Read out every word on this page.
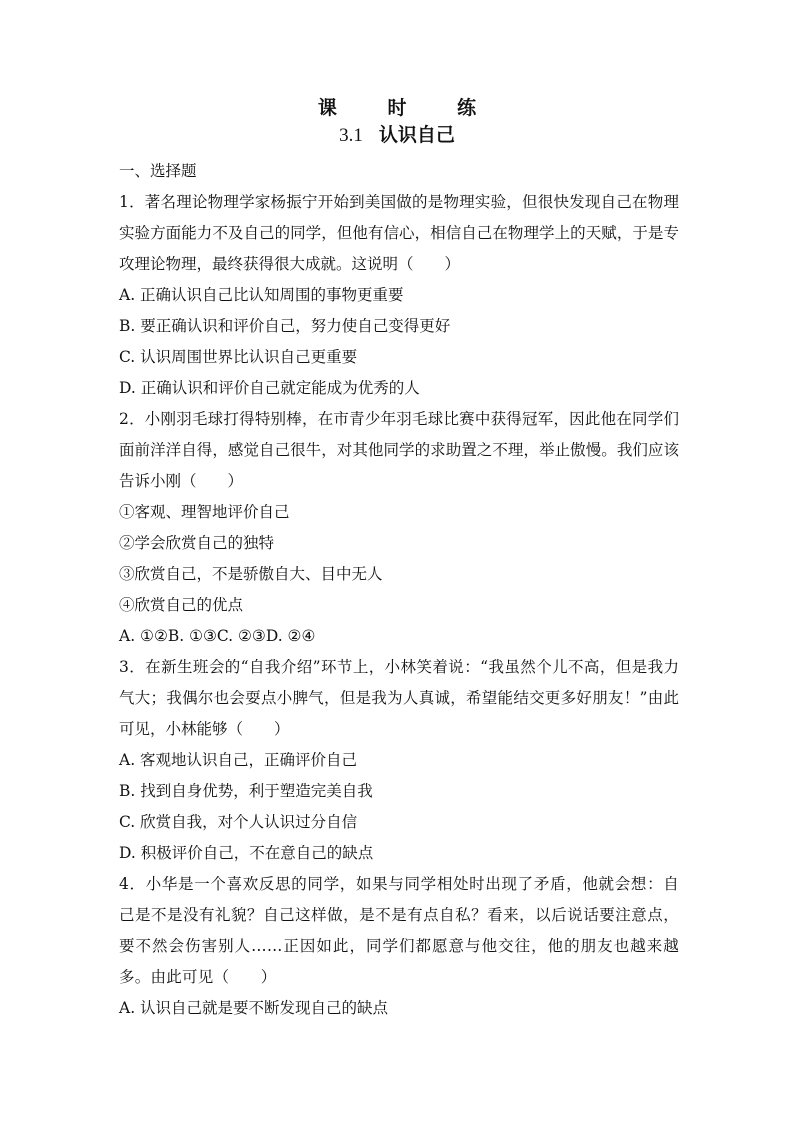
课 时 练
3.1 认识自己
一、选择题
1．著名理论物理学家杨振宁开始到美国做的是物理实验，但很快发现自己在物理实验方面能力不及自己的同学，但他有信心，相信自己在物理学上的天赋，于是专攻理论物理，最终获得很大成就。这说明（　　）
A. 正确认识自己比认知周围的事物更重要
B. 要正确认识和评价自己，努力使自己变得更好
C. 认识周围世界比认识自己更重要
D. 正确认识和评价自己就定能成为优秀的人
2．小刚羽毛球打得特别棒，在市青少年羽毛球比赛中获得冠军，因此他在同学们面前洋洋自得，感觉自己很牛，对其他同学的求助置之不理，举止傲慢。我们应该告诉小刚（　　）
①客观、理智地评价自己
②学会欣赏自己的独特
③欣赏自己，不是骄傲自大、目中无人
④欣赏自己的优点
A. ①②B. ①③C. ②③D. ②④
3．在新生班会的“自我介绍”环节上，小林笑着说：“我虽然个儿不高，但是我力气大；我偶尔也会耍点小脾气，但是我为人真诚，希望能结交更多好朋友！”由此可见，小林能够（　　）
A. 客观地认识自己，正确评价自己
B. 找到自身优势，利于塑造完美自我
C. 欣赏自我，对个人认识过分自信
D. 积极评价自己，不在意自己的缺点
4．小华是一个喜欢反思的同学，如果与同学相处时出现了矛盾，他就会想：自己是不是没有礼貌？自己这样做，是不是有点自私？看来，以后说话要注意点，要不然会伤害别人……正因如此，同学们都愿意与他交往，他的朋友也越来越多。由此可见（　　）
A. 认识自己就是要不断发现自己的缺点
